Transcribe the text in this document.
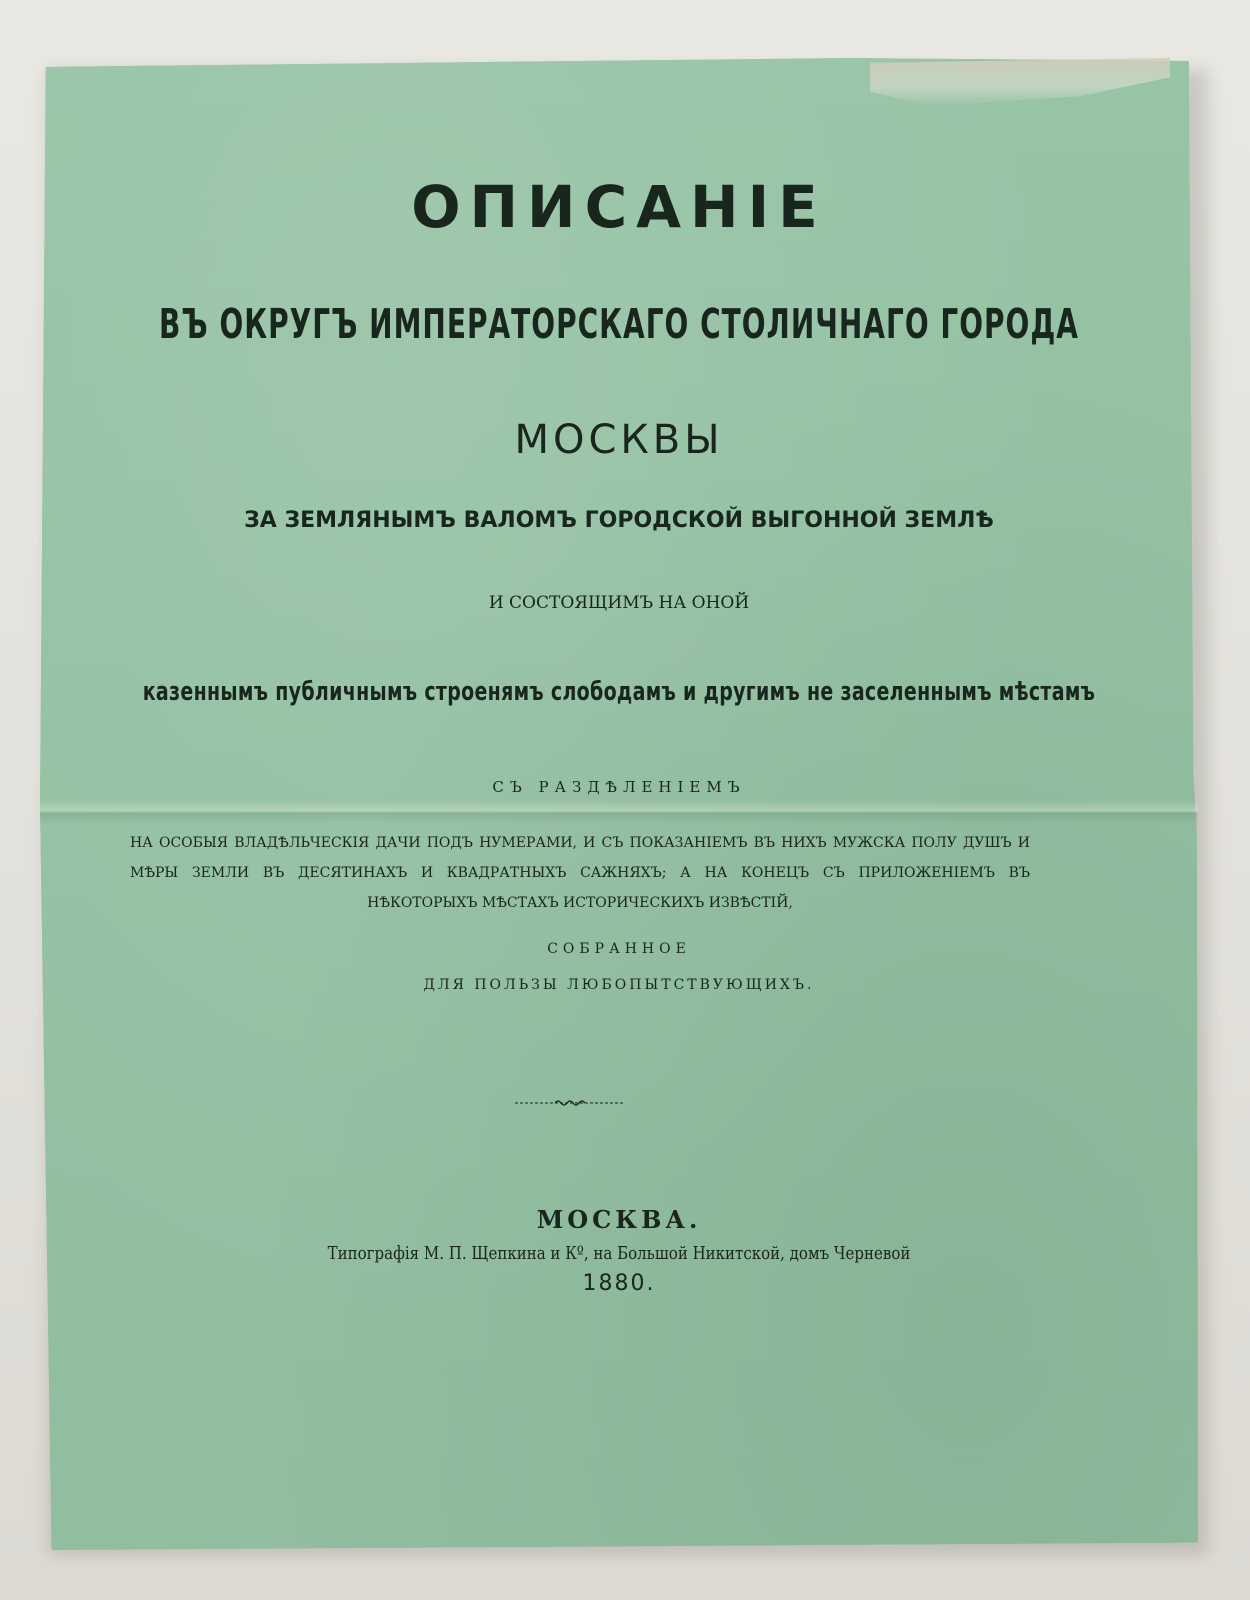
ОПИСАНІЕ

ВЪ ОКРУГЪ ИМПЕРАТОРСКАГО СТОЛИЧНАГО ГОРОДА

МОСКВЫ

ЗА ЗЕМЛЯНЫМЪ ВАЛОМЪ ГОРОДСКОЙ ВЫГОННОЙ ЗЕМЛѢ

И СОСТОЯЩИМЪ НА ОНОЙ

казеннымъ публичнымъ строенямъ слободамъ и другимъ не заселеннымъ мѣстамъ

СЪ РАЗДѢЛЕНІЕМЪ

НА ОСОБЫЯ ВЛАДѢЛЬЧЕСКІЯ ДАЧИ ПОДЪ НУМЕРАМИ, И СЪ ПОКАЗАНІЕМЪ ВЪ НИХЪ МУЖСКА ПОЛУ ДУШЪ И МѢРЫ ЗЕМЛИ ВЪ ДЕСЯТИНАХЪ И КВАДРАТНЫХЪ САЖНЯХЪ; А НА КОНЕЦЪ СЪ ПРИЛОЖЕНІЕМЪ ВЪ НѢКОТОРЫХЪ МѢСТАХЪ ИСТОРИЧЕСКИХЪ ИЗВѢСТІЙ,

СОБРАННОЕ

ДЛЯ ПОЛЬЗЫ ЛЮБОПЫТСТВУЮЩИХЪ.

МОСКВА.

Типографія М. П. Щепкина и Кº, на Большой Никитской, домъ Черневой

1880.
